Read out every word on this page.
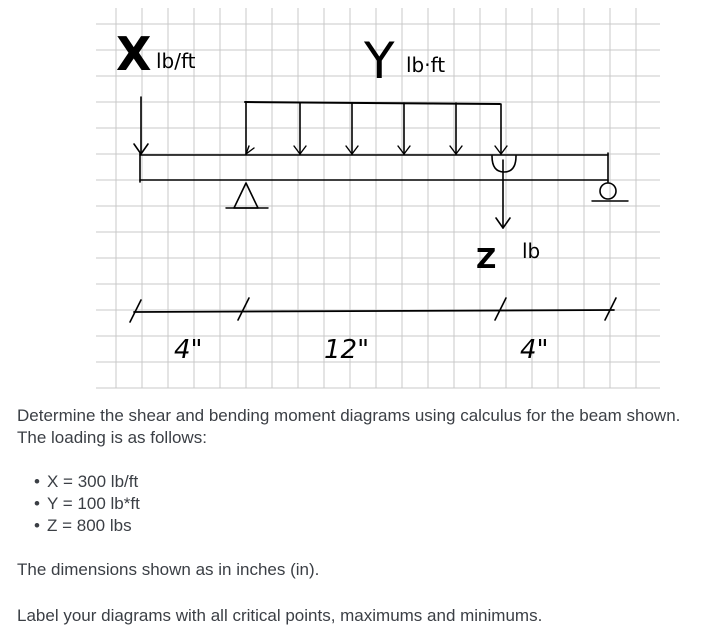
X lb/ft	Y lb·ft
Z lb
4"	12"	4"

Determine the shear and bending moment diagrams using calculus for the beam shown. The loading is as follows:

• X = 300 lb/ft
• Y = 100 lb*ft
• Z = 800 lbs

The dimensions shown as in inches (in).

Label your diagrams with all critical points, maximums and minimums.
